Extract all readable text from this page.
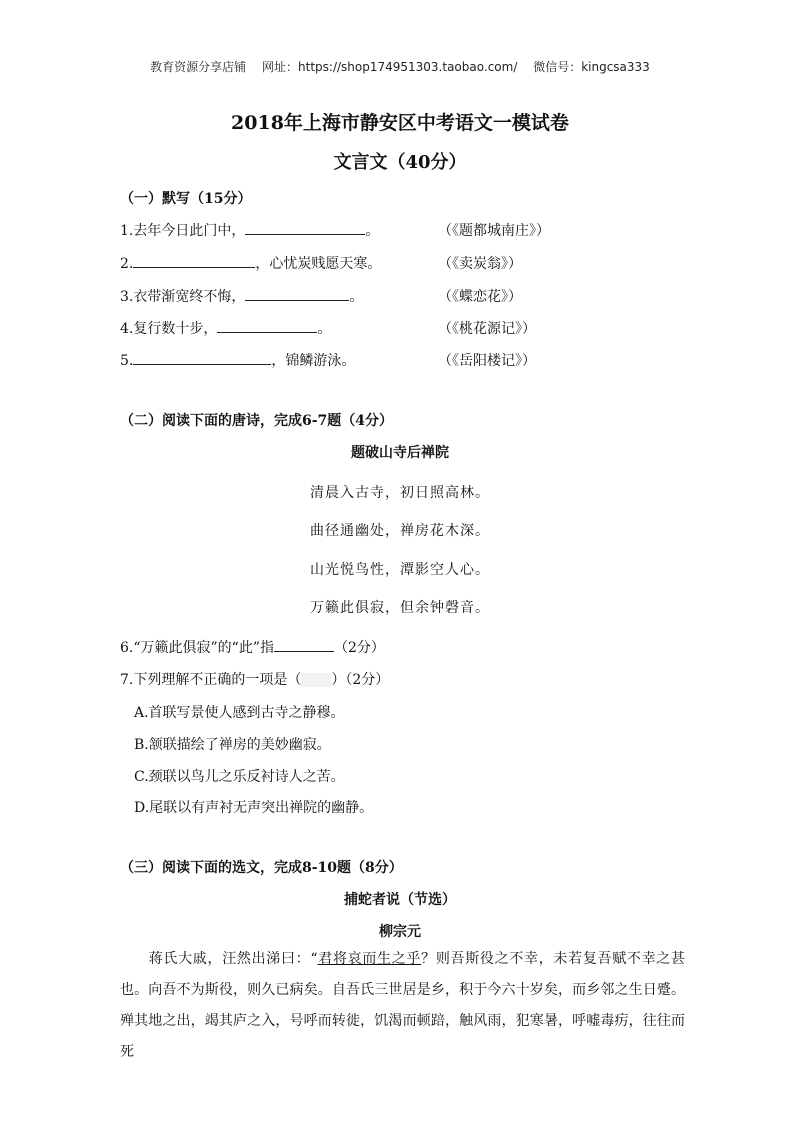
教育资源分享店铺 网址：https://shop174951303.taobao.com/ 微信号：kingcsa333
2018年上海市静安区中考语文一模试卷
文言文（40分）
（一）默写（15分）
1.去年今日此门中，	。	（《题都城南庄》）
2.	，心忧炭贱愿天寒。	（《卖炭翁》）
3.衣带渐宽终不悔，	。	（《蝶恋花》）
4.复行数十步，	。	（《桃花源记》）
5.	，锦鳞游泳。	（《岳阳楼记》）
（二）阅读下面的唐诗，完成6-7题（4分）
题破山寺后禅院
清晨入古寺，初日照高林。
曲径通幽处，禅房花木深。
山光悦鸟性，潭影空人心。
万籁此俱寂，但余钟磬音。
6.“万籁此俱寂”的“此”指	（2分）
7.下列理解不正确的一项是（ ）（2分）
A.首联写景使人感到古寺之静穆。
B.颔联描绘了禅房的美妙幽寂。
C.颈联以鸟儿之乐反衬诗人之苦。
D.尾联以有声衬无声突出禅院的幽静。
（三）阅读下面的选文，完成8-10题（8分）
捕蛇者说（节选）
柳宗元
蒋氏大戚，汪然出涕曰：“君将哀而生之乎？则吾斯役之不幸，未若复吾赋不幸之甚也。向吾不为斯役，则久已病矣。自吾氏三世居是乡，积于今六十岁矣，而乡邻之生日蹙。殚其地之出，竭其庐之入，号呼而转徙，饥渴而顿踣，触风雨，犯寒暑，呼嘘毒疠，往往而死
